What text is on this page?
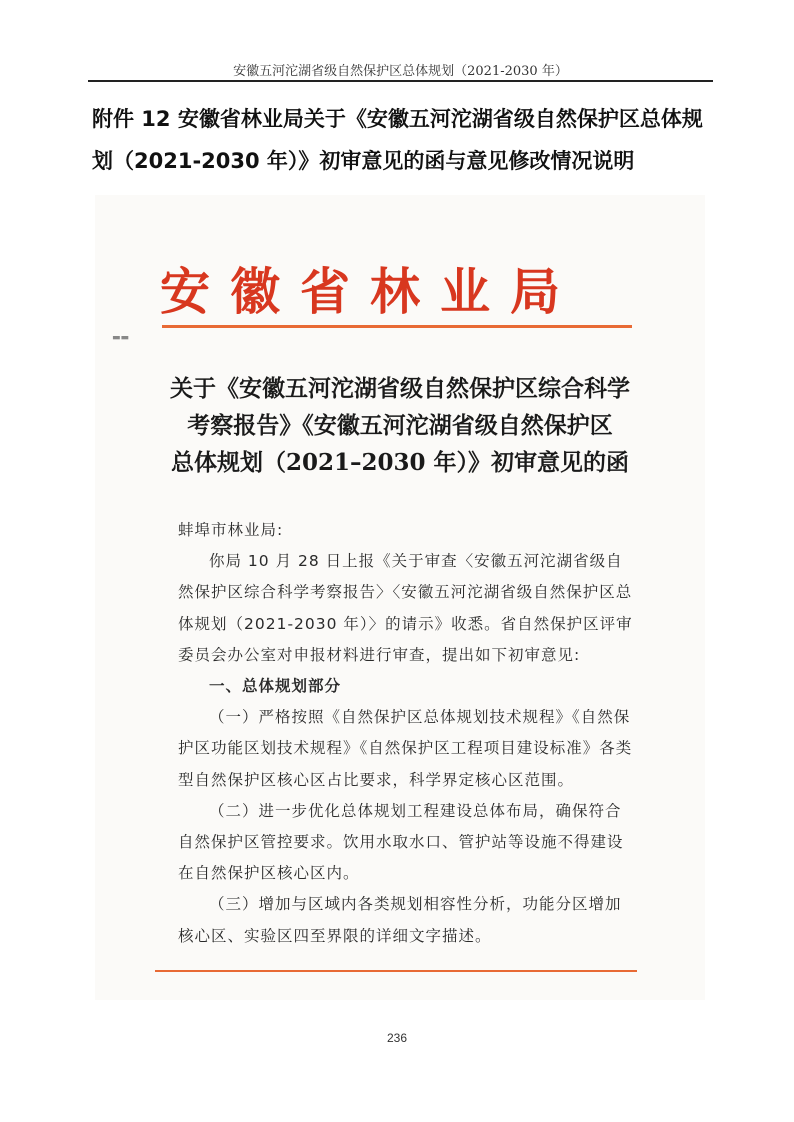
安徽五河沱湖省级自然保护区总体规划（2021-2030 年）
附件 12 安徽省林业局关于《安徽五河沱湖省级自然保护区总体规划（2021-2030 年）》初审意见的函与意见修改情况说明
安徽省林业局
▬▬
关于《安徽五河沱湖省级自然保护区综合科学
考察报告》《安徽五河沱湖省级自然保护区
总体规划（2021–2030 年）》初审意见的函

蚌埠市林业局:

你局 10 月 28 日上报《关于审查〈安徽五河沱湖省级自然保护区综合科学考察报告〉〈安徽五河沱湖省级自然保护区总体规划（2021-2030 年）〉的请示》收悉。省自然保护区评审委员会办公室对申报材料进行审查，提出如下初审意见:

一、总体规划部分

（一）严格按照《自然保护区总体规划技术规程》《自然保护区功能区划技术规程》《自然保护区工程项目建设标准》各类型自然保护区核心区占比要求，科学界定核心区范围。

（二）进一步优化总体规划工程建设总体布局，确保符合自然保护区管控要求。饮用水取水口、管护站等设施不得建设在自然保护区核心区内。

（三）增加与区域内各类规划相容性分析，功能分区增加核心区、实验区四至界限的详细文字描述。

236
